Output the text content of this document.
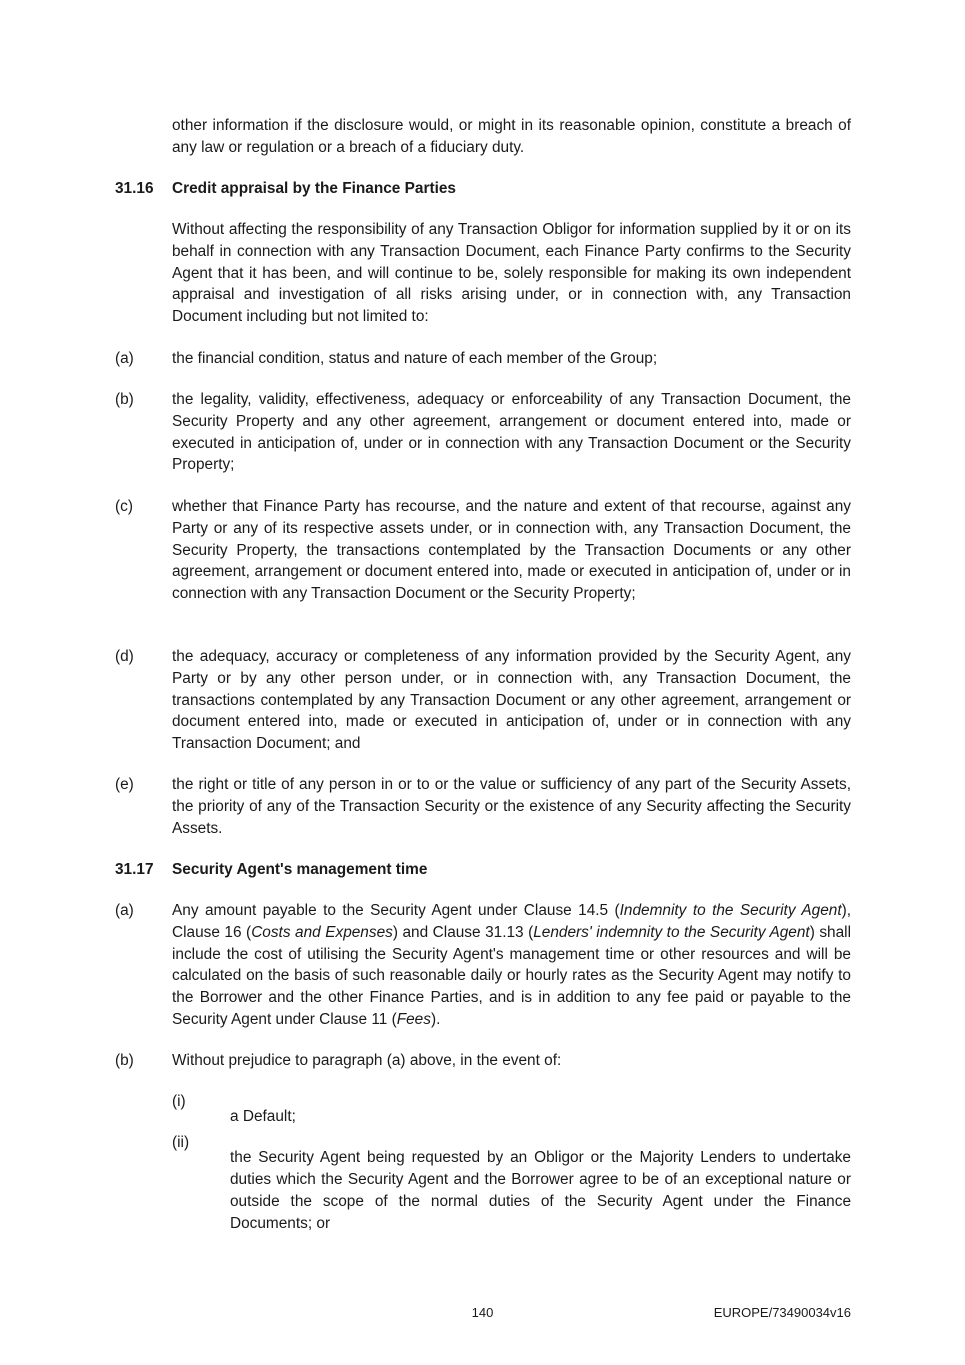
other information if the disclosure would, or might in its reasonable opinion, constitute a breach of any law or regulation or a breach of a fiduciary duty.

31.16 Credit appraisal by the Finance Parties

Without affecting the responsibility of any Transaction Obligor for information supplied by it or on its behalf in connection with any Transaction Document, each Finance Party confirms to the Security Agent that it has been, and will continue to be, solely responsible for making its own independent appraisal and investigation of all risks arising under, or in connection with, any Transaction Document including but not limited to:

(a) the financial condition, status and nature of each member of the Group;

(b) the legality, validity, effectiveness, adequacy or enforceability of any Transaction Document, the Security Property and any other agreement, arrangement or document entered into, made or executed in anticipation of, under or in connection with any Transaction Document or the Security Property;

(c)	whether that Finance Party has recourse, and the nature and extent of that recourse, against any Party or any of its respective assets under, or in connection with, any Transaction Document, the Security Property, the transactions contemplated by the Transaction Documents or any other agreement, arrangement or document entered into, made or executed in anticipation of, under or in connection with any Transaction Document or the Security Property;

(d) the adequacy, accuracy or completeness of any information provided by the Security Agent, any Party or by any other person under, or in connection with, any Transaction Document, the transactions contemplated by any Transaction Document or any other agreement, arrangement or document entered into, made or executed in anticipation of, under or in connection with any Transaction Document; and

(e) the right or title of any person in or to or the value or sufficiency of any part of the Security Assets, the priority of any of the Transaction Security or the existence of any Security affecting the Security Assets.

31.17 Security Agent's management time
(a) Any amount payable to the Security Agent under Clause 14.5 (Indemnity to the Security Agent), Clause 16 (Costs and Expenses) and Clause 31.13 (Lenders' indemnity to the Security Agent) shall include the cost of utilising the Security Agent's management time or other resources and will be calculated on the basis of such reasonable daily or hourly rates as the Security Agent may notify to the Borrower and the other Finance Parties, and is in addition to any fee paid or payable to the Security Agent under Clause 11 (Fees).

(b) Without prejudice to paragraph (a) above, in the event of:

(i)

a Default;

(ii)

the Security Agent being requested by an Obligor or the Majority Lenders to undertake duties which the Security Agent and the Borrower agree to be of an exceptional nature or outside the scope of the normal duties of the Security Agent under the Finance Documents; or

140	EUROPE/73490034v16
